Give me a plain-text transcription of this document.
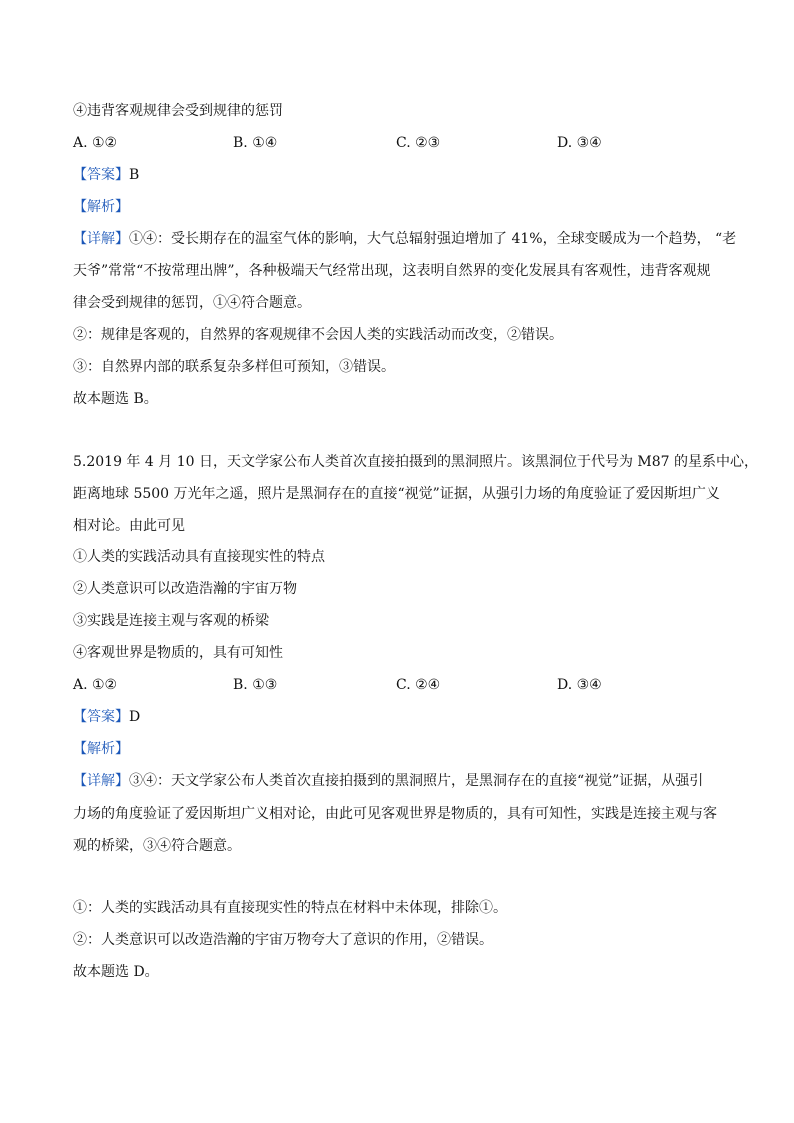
④违背客观规律会受到规律的惩罚
A. ①②	B. ①④	C. ②③	D. ③④
【答案】B
【解析】
【详解】①④：受长期存在的温室气体的影响，大气总辐射强迫增加了 41%，全球变暖成为一个趋势， “老
天爷”常常“不按常理出牌”，各种极端天气经常出现，这表明自然界的变化发展具有客观性，违背客观规
律会受到规律的惩罚，①④符合题意。
②：规律是客观的，自然界的客观规律不会因人类的实践活动而改变，②错误。
③：自然界内部的联系复杂多样但可预知，③错误。
故本题选 B。
5.2019 年 4 月 10 日，天文学家公布人类首次直接拍摄到的黑洞照片。该黑洞位于代号为 M87 的星系中心，
距离地球 5500 万光年之遥，照片是黑洞存在的直接“视觉”证据，从强引力场的角度验证了爱因斯坦广义
相对论。由此可见
①人类的实践活动具有直接现实性的特点
②人类意识可以改造浩瀚的宇宙万物
③实践是连接主观与客观的桥梁
④客观世界是物质的，具有可知性
A. ①②	B. ①③	C. ②④	D. ③④
【答案】D
【解析】
【详解】③④：天文学家公布人类首次直接拍摄到的黑洞照片，是黑洞存在的直接“视觉”证据，从强引
力场的角度验证了爱因斯坦广义相对论，由此可见客观世界是物质的，具有可知性，实践是连接主观与客
观的桥梁，③④符合题意。
①：人类的实践活动具有直接现实性的特点在材料中未体现，排除①。
②：人类意识可以改造浩瀚的宇宙万物夸大了意识的作用，②错误。
故本题选 D。
